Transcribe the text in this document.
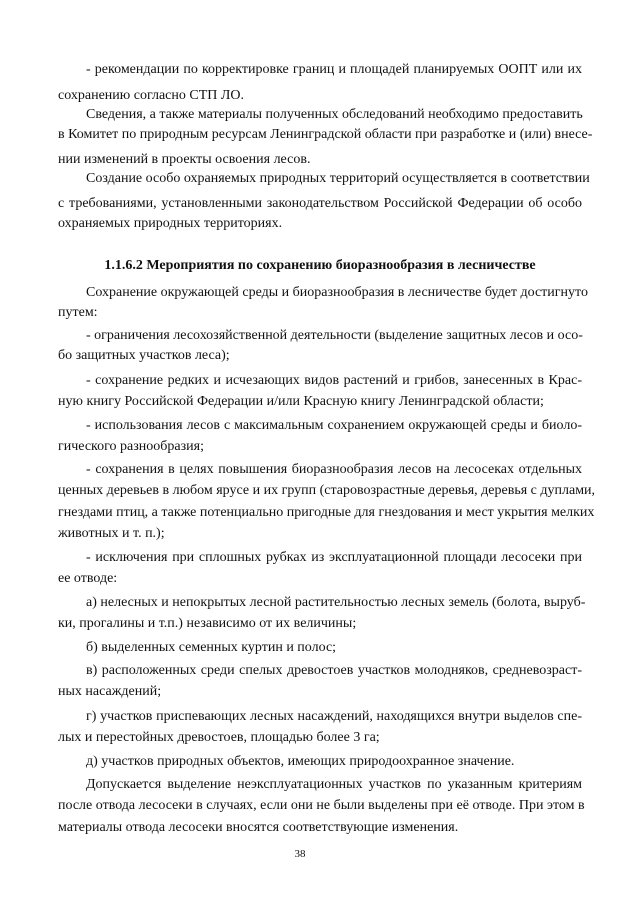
- рекомендации по корректировке границ и площадей планируемых ООПТ или их

сохранению согласно СТП ЛО.

Сведения, а также материалы полученных обследований необходимо предоставить

в Комитет по природным ресурсам Ленинградской области при разработке и (или) внесе-

нии изменений в проекты освоения лесов.

Создание особо охраняемых природных территорий осуществляется в соответствии

с требованиями, установленными законодательством Российской Федерации об особо

охраняемых природных территориях.

1.1.6.2 Мероприятия по сохранению биоразнообразия в лесничестве

Сохранение окружающей среды и биоразнообразия в лесничестве будет достигнуто

путем:

- ограничения лесохозяйственной деятельности (выделение защитных лесов и осо-

бо защитных участков леса);

- сохранение редких и исчезающих видов растений и грибов, занесенных в Крас-

ную книгу Российской Федерации и/или Красную книгу Ленинградской области;

- использования лесов с максимальным сохранением окружающей среды и биоло-

гического разнообразия;

- сохранения в целях повышения биоразнообразия лесов на лесосеках отдельных

ценных деревьев в любом ярусе и их групп (старовозрастные деревья, деревья с дуплами,

гнездами птиц, а также потенциально пригодные для гнездования и мест укрытия мелких

животных и т. п.);

- исключения при сплошных рубках из эксплуатационной площади лесосеки при

ее отводе:

а) нелесных и непокрытых лесной растительностью лесных земель (болота, выруб-

ки, прогалины и т.п.) независимо от их величины;

б) выделенных семенных куртин и полос;

в) расположенных среди спелых древостоев участков молодняков, средневозраст-

ных насаждений;

г) участков приспевающих лесных насаждений, находящихся внутри выделов спе-

лых и перестойных древостоев, площадью более 3 га;

д) участков природных объектов, имеющих природоохранное значение.

Допускается выделение неэксплуатационных участков по указанным критериям

после отвода лесосеки в случаях, если они не были выделены при её отводе. При этом в

материалы отвода лесосеки вносятся соответствующие изменения.

38
